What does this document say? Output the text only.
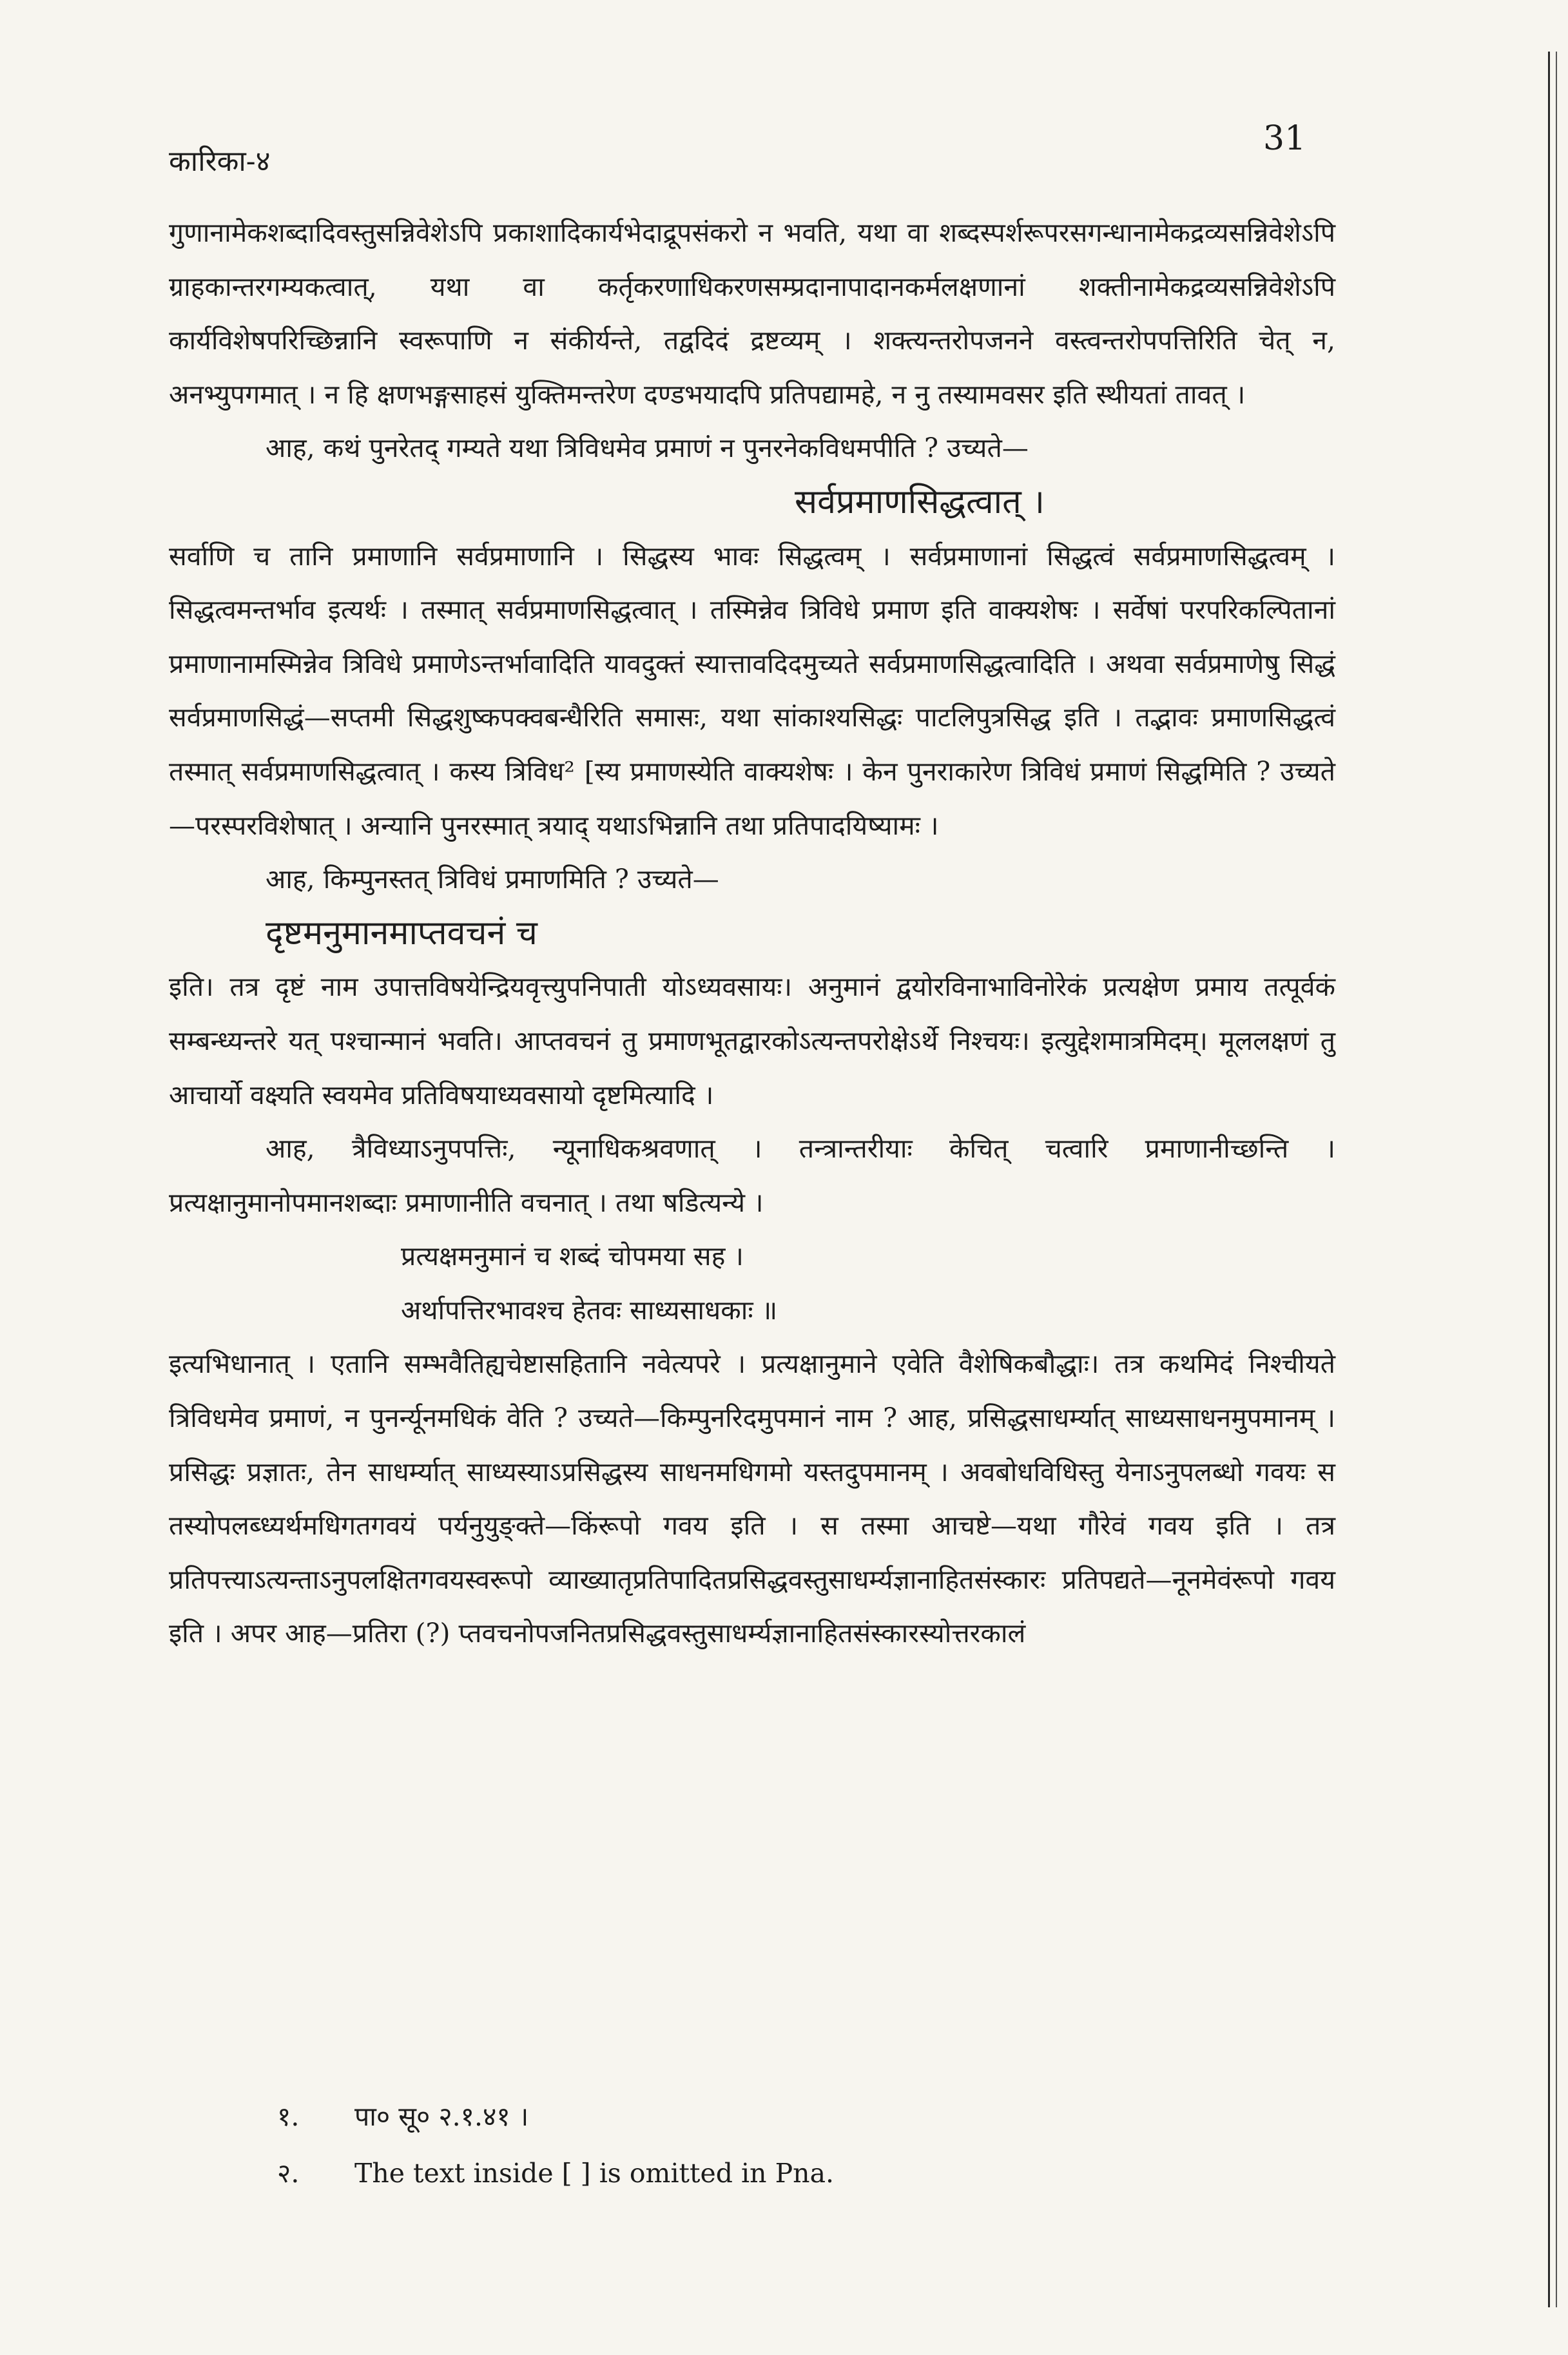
कारिका-४
31

गुणानामेकशब्दादिवस्तुसन्निवेशेऽपि प्रकाशादिकार्यभेदाद्रूपसंकरो न भवति, यथा वा शब्दस्पर्शरूपरसगन्धानामेकद्रव्यसन्निवेशेऽपि ग्राहकान्तरगम्यकत्वात्, यथा वा कर्तृकरणाधिकरणसम्प्रदानापादानकर्मलक्षणानां शक्तीनामेकद्रव्यसन्निवेशेऽपि कार्यविशेषपरिच्छिन्नानि स्वरूपाणि न संकीर्यन्ते, तद्वदिदं द्रष्टव्यम् । शक्त्यन्तरोपजनने वस्त्वन्तरोपपत्तिरिति चेत् न, अनभ्युपगमात् । न हि क्षणभङ्गसाहसं युक्तिमन्तरेण दण्डभयादपि प्रतिपद्यामहे, न नु तस्यामवसर इति स्थीयतां तावत् ।

आह, कथं पुनरेतद् गम्यते यथा त्रिविधमेव प्रमाणं न पुनरनेकविधमपीति ? उच्यते—

सर्वप्रमाणसिद्धत्वात् ।

सर्वाणि च तानि प्रमाणानि सर्वप्रमाणानि । सिद्धस्य भावः सिद्धत्वम् । सर्वप्रमाणानां सिद्धत्वं सर्वप्रमाणसिद्धत्वम् । सिद्धत्वमन्तर्भाव इत्यर्थः । तस्मात् सर्वप्रमाणसिद्धत्वात् । तस्मिन्नेव त्रिविधे प्रमाण इति वाक्यशेषः । सर्वेषां परपरिकल्पितानां प्रमाणानामस्मिन्नेव त्रिविधे प्रमाणेऽन्तर्भावादिति यावदुक्तं स्यात्तावदिदमुच्यते सर्वप्रमाणसिद्धत्वादिति । अथवा सर्वप्रमाणेषु सिद्धं सर्वप्रमाणसिद्धं—सप्तमी सिद्धशुष्कपक्वबन्धैरिति समासः, यथा सांकाश्यसिद्धः पाटलिपुत्रसिद्ध इति । तद्भावः प्रमाणसिद्धत्वं तस्मात् सर्वप्रमाणसिद्धत्वात् । कस्य त्रिविध² [स्य प्रमाणस्येति वाक्यशेषः । केन पुनराकारेण त्रिविधं प्रमाणं सिद्धमिति ? उच्यते—परस्परविशेषात् । अन्यानि पुनरस्मात् त्रयाद् यथाऽभिन्नानि तथा प्रतिपादयिष्यामः ।

आह, किम्पुनस्तत् त्रिविधं प्रमाणमिति ? उच्यते—

दृष्टमनुमानमाप्तवचनं च

इति। तत्र दृष्टं नाम उपात्तविषयेन्द्रियवृत्त्युपनिपाती योऽध्यवसायः। अनुमानं द्वयोरविनाभाविनोरेकं प्रत्यक्षेण प्रमाय तत्पूर्वकं सम्बन्ध्यन्तरे यत् पश्चान्मानं भवति। आप्तवचनं तु प्रमाणभूतद्वारकोऽत्यन्तपरोक्षेऽर्थे निश्चयः। इत्युद्देशमात्रमिदम्। मूललक्षणं तु आचार्यो वक्ष्यति स्वयमेव प्रतिविषयाध्यवसायो दृष्टमित्यादि ।

आह, त्रैविध्याऽनुपपत्तिः, न्यूनाधिकश्रवणात् । तन्त्रान्तरीयाः केचित् चत्वारि प्रमाणानीच्छन्ति । प्रत्यक्षानुमानोपमानशब्दाः प्रमाणानीति वचनात् । तथा षडित्यन्ये ।

प्रत्यक्षमनुमानं च शब्दं चोपमया सह ।

अर्थापत्तिरभावश्च हेतवः साध्यसाधकाः ॥

इत्यभिधानात् । एतानि सम्भवैतिह्यचेष्टासहितानि नवेत्यपरे । प्रत्यक्षानुमाने एवेति वैशेषिकबौद्धाः। तत्र कथमिदं निश्चीयते त्रिविधमेव प्रमाणं, न पुनर्न्यूनमधिकं वेति ? उच्यते—किम्पुनरिदमुपमानं नाम ? आह, प्रसिद्धसाधर्म्यात् साध्यसाधनमुपमानम् । प्रसिद्धः प्रज्ञातः, तेन साधर्म्यात् साध्यस्याऽप्रसिद्धस्य साधनमधिगमो यस्तदुपमानम् । अवबोधविधिस्तु येनाऽनुपलब्धो गवयः स तस्योपलब्ध्यर्थमधिगतगवयं पर्यनुयुङ्क्ते—किंरूपो गवय इति । स तस्मा आचष्टे—यथा गौरेवं गवय इति । तत्र प्रतिपत्त्याऽत्यन्ताऽनुपलक्षितगवयस्वरूपो व्याख्यातृप्रतिपादितप्रसिद्धवस्तुसाधर्म्यज्ञानाहितसंस्कारः प्रतिपद्यते—नूनमेवंरूपो गवय इति । अपर आह—प्रतिरा (?) प्तवचनोपजनितप्रसिद्धवस्तुसाधर्म्यज्ञानाहितसंस्कारस्योत्तरकालं

१. पा० सू० २.१.४१ ।
२. The text inside [ ] is omitted in Pna.
